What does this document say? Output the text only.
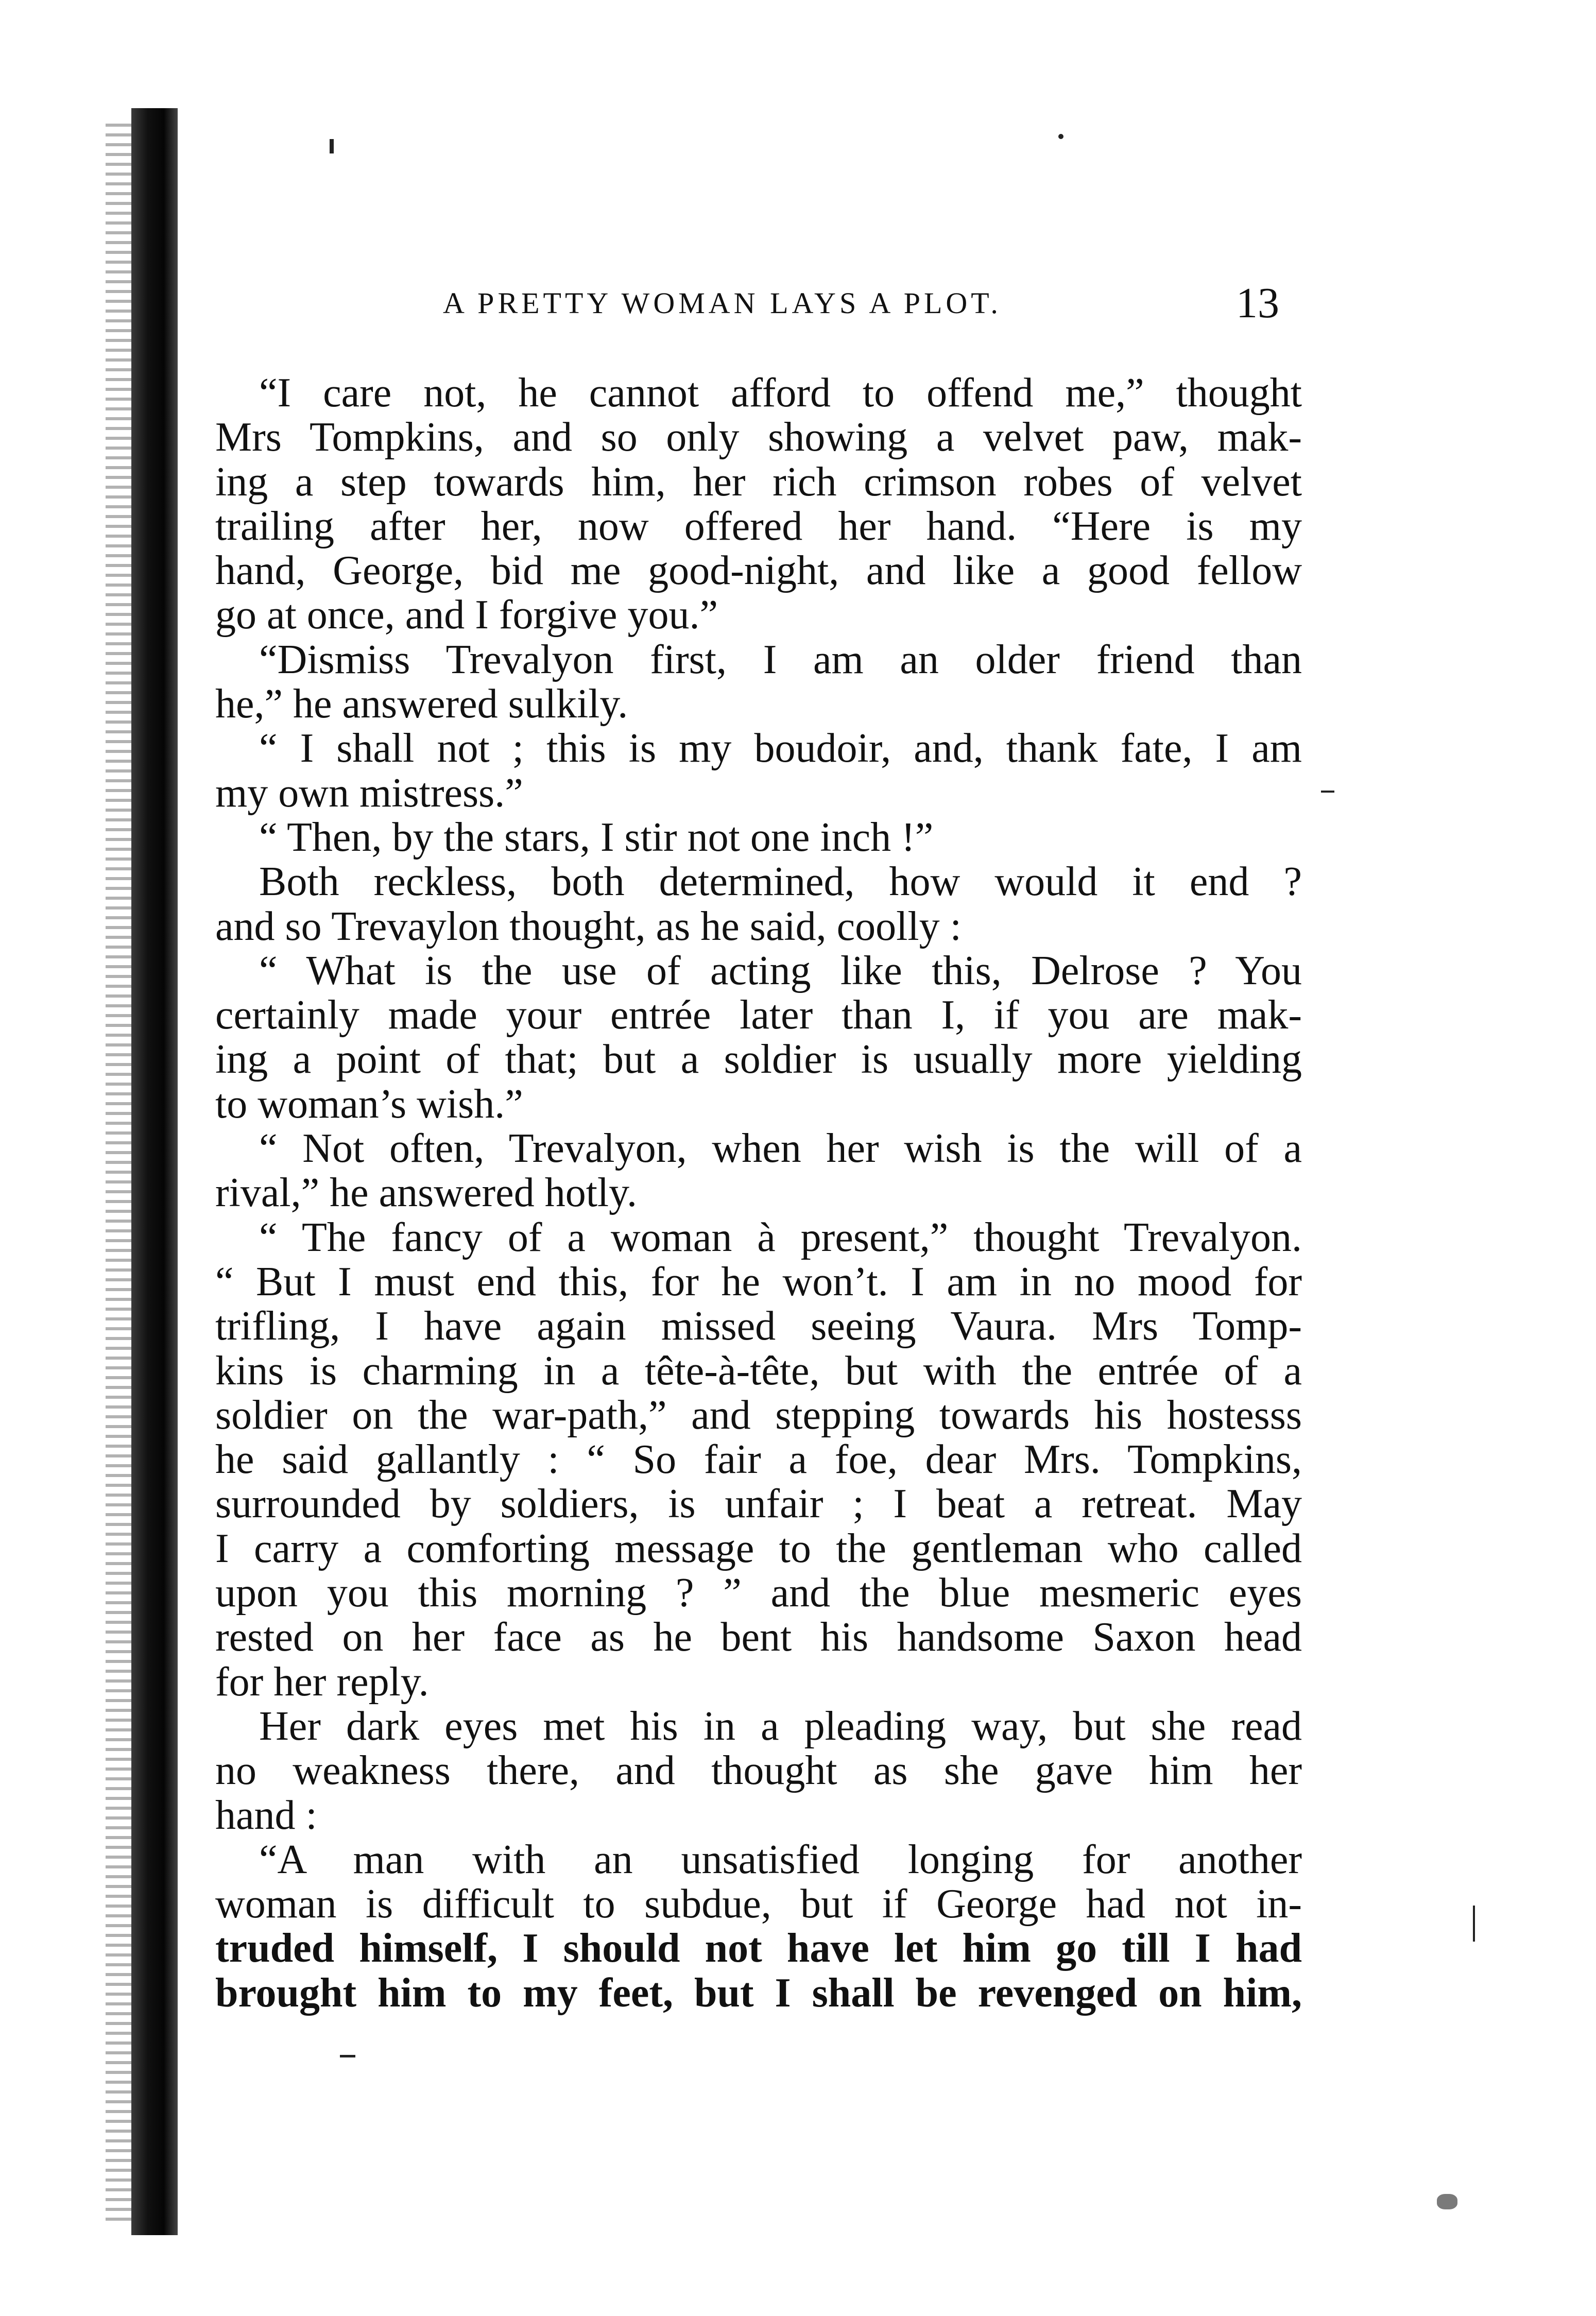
A PRETTY WOMAN LAYS A PLOT.	13
“I care not, he cannot afford to offend me,” thought
Mrs Tompkins, and so only showing a velvet paw, mak-
ing a step towards him, her rich crimson robes of velvet
trailing after her, now offered her hand. “Here is my
hand, George, bid me good-night, and like a good fellow
go at once, and I forgive you.”
“Dismiss Trevalyon first, I am an older friend than
he,” he answered sulkily.
“ I shall not ; this is my boudoir, and, thank fate, I am
my own mistress.”
“ Then, by the stars, I stir not one inch !”
Both reckless, both determined, how would it end ?
and so Trevaylon thought, as he said, coolly :
“ What is the use of acting like this, Delrose ? You
certainly made your entrée later than I, if you are mak-
ing a point of that; but a soldier is usually more yielding
to woman’s wish.”
“ Not often, Trevalyon, when her wish is the will of a
rival,” he answered hotly.
“ The fancy of a woman à present,” thought Trevalyon.
“ But I must end this, for he won’t. I am in no mood for
trifling, I have again missed seeing Vaura. Mrs Tomp-
kins is charming in a tête-à-tête, but with the entrée of a
soldier on the war-path,” and stepping towards his hostesss
he said gallantly : “ So fair a foe, dear Mrs. Tompkins,
surrounded by soldiers, is unfair ; I beat a retreat. May
I carry a comforting message to the gentleman who called
upon you this morning ? ” and the blue mesmeric eyes
rested on her face as he bent his handsome Saxon head
for her reply.
Her dark eyes met his in a pleading way, but she read
no weakness there, and thought as she gave him her
hand :
“A man with an unsatisfied longing for another
woman is difficult to subdue, but if George had not in-
truded himself, I should not have let him go till I had
brought him to my feet, but I shall be revenged on him,
